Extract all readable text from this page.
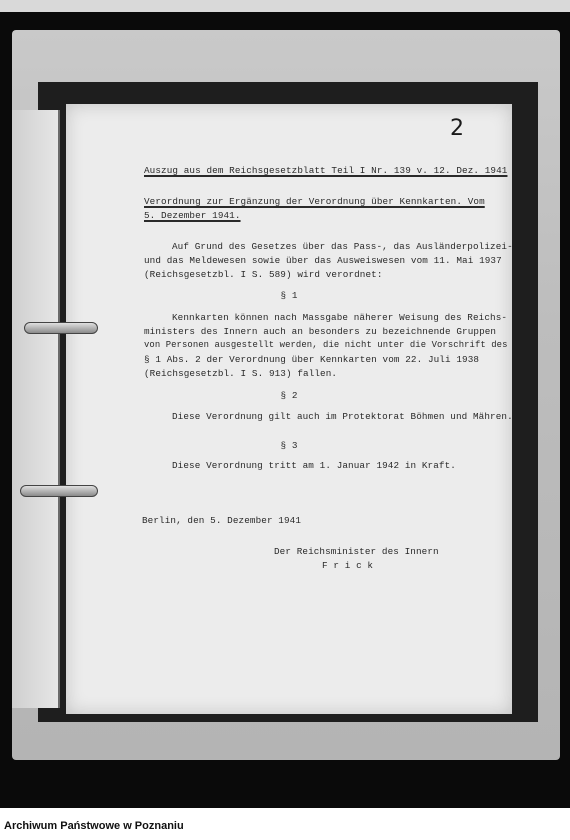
2
Auszug aus dem Reichsgesetzblatt Teil I Nr. 139 v. 12. Dez. 1941
Verordnung zur Ergänzung der Verordnung über Kennkarten. Vom
5. Dezember 1941.
Auf Grund des Gesetzes über das Pass-, das Ausländerpolizei-
und das Meldewesen sowie über das Ausweiswesen vom 11. Mai 1937
(Reichsgesetzbl. I S. 589) wird verordnet:
§ 1
Kennkarten können nach Massgabe näherer Weisung des Reichs-
ministers des Innern auch an besonders zu bezeichnende Gruppen
von Personen ausgestellt werden, die nicht unter die Vorschrift des
§ 1 Abs. 2 der Verordnung über Kennkarten vom 22. Juli 1938
(Reichsgesetzbl. I S. 913) fallen.
§ 2
Diese Verordnung gilt auch im Protektorat Böhmen und Mähren.
§ 3
Diese Verordnung tritt am 1. Januar 1942 in Kraft.
Berlin, den 5. Dezember 1941
Der Reichsminister des Innern
F r i c k
Archiwum Państwowe w Poznaniu
